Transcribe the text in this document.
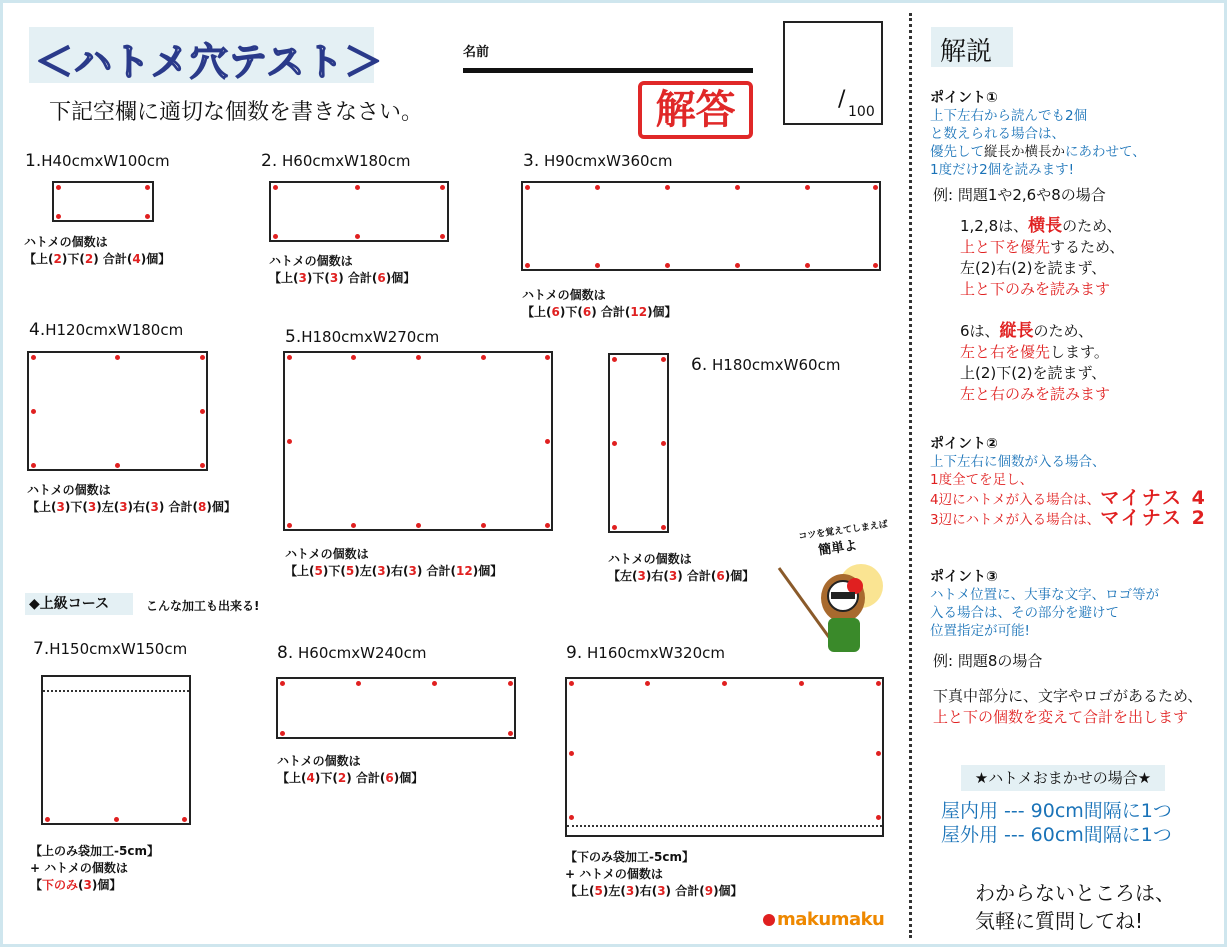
＜ハトメ穴テスト＞	名前
解答	/ 100
下記空欄に適切な個数を書きなさい。
1.H40cmxW100cm	2. H60cmxW180cm	3. H90cmxW360cm
4.H120cmxW180cm	5.H180cmxW270cm
6. H180cmxW60cm
7.H150cmxW150cm	8. H60cmxW240cm	9. H160cmxW320cm
ハトメの個数は
【上(2)下(2) 合計(4)個】	ハトメの個数は
【上(3)下(3) 合計(6)個】
ハトメの個数は
【上(6)下(6) 合計(12)個】
ハトメの個数は
【上(3)下(3)左(3)右(3) 合計(8)個】
ハトメの個数は
【上(5)下(5)左(3)右(3) 合計(12)個】
ハトメの個数は
【左(3)右(3) 合計(6)個】
【上のみ袋加工-5cm】
+ ハトメの個数は
【下のみ(3)個】
ハトメの個数は
【上(4)下(2) 合計(6)個】
【下のみ袋加工-5cm】
+ ハトメの個数は
【上(5)左(3)右(3) 合計(9)個】
◆上級コース	こんな加工も出来る!
コツを覚えてしまえば
簡単よ
makumaku
解説
ポイント①
上下左右から読んでも2個
と数えられる場合は、
優先して縦長か横長かにあわせて、
1度だけ2個を読みます!
例: 問題1や2,6や8の場合
1,2,8は、横長のため、
上と下を優先するため、
左(2)右(2)を読まず、
上と下のみを読みます
6は、縦長のため、
左と右を優先します。
上(2)下(2)を読まず、
左と右のみを読みます
ポイント②
上下左右に個数が入る場合、
1度全てを足し、
4辺にハトメが入る場合は、マイナス 4
3辺にハトメが入る場合は、マイナス 2
ポイント③
ハトメ位置に、大事な文字、ロゴ等が
入る場合は、その部分を避けて
位置指定が可能!
例: 問題8の場合
下真中部分に、文字やロゴがあるため、
上と下の個数を変えて合計を出します
★ハトメおまかせの場合★
屋内用 --- 90cm間隔に1つ
屋外用 --- 60cm間隔に1つ
わからないところは、
気軽に質問してね!
